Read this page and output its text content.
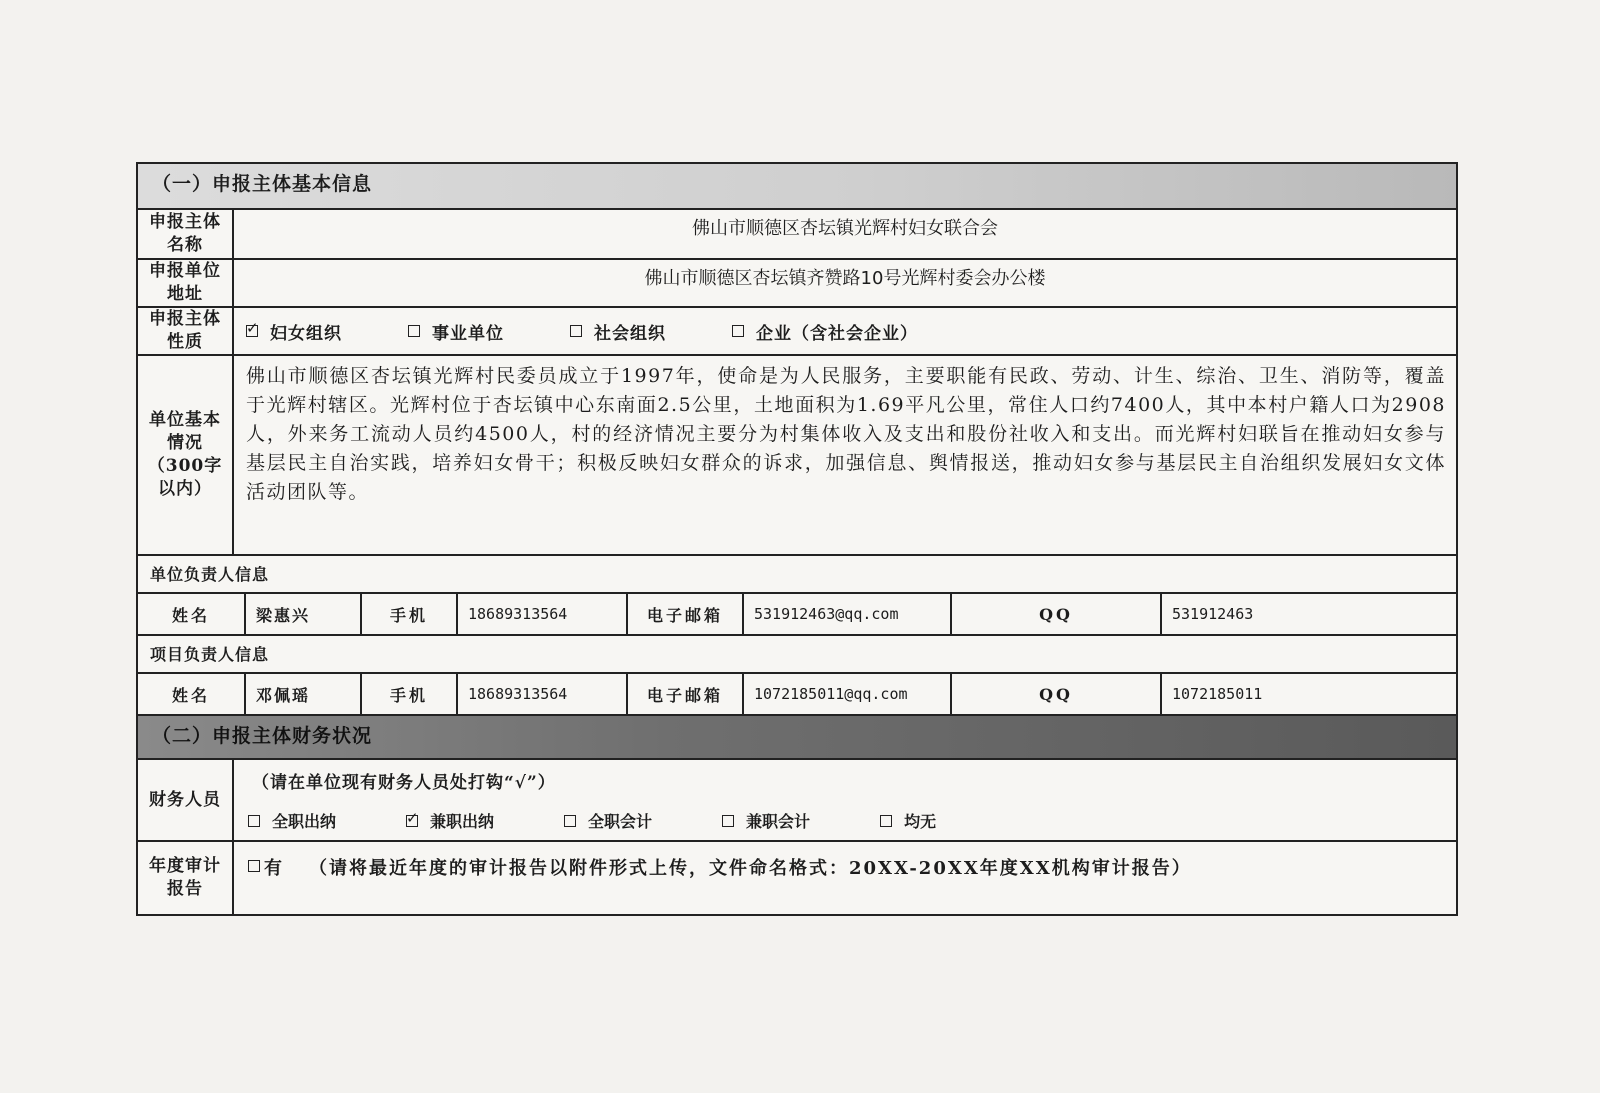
（一）申报主体基本信息
申报主体名称
佛山市顺德区杏坛镇光辉村妇女联合会
申报单位地址
佛山市顺德区杏坛镇齐赞路10号光辉村委会办公楼
申报主体性质 ✓	妇女组织	事业单位	社会组织	企业（含社会企业）
单位基本情况（300字以内）
佛山市顺德区杏坛镇光辉村民委员成立于1997年，使命是为人民服务，主要职能有民政、劳动、计生、综治、卫生、消防等，覆盖于光辉村辖区。光辉村位于杏坛镇中心东南面2.5公里，土地面积为1.69平凡公里，常住人口约7400人，其中本村户籍人口为2908人，外来务工流动人员约4500人，村的经济情况主要分为村集体收入及支出和股份社收入和支出。而光辉村妇联旨在推动妇女参与基层民主自治实践，培养妇女骨干；积极反映妇女群众的诉求，加强信息、舆情报送，推动妇女参与基层民主自治组织发展妇女文体活动团队等。
单位负责人信息
姓名	梁惠兴	手机	18689313564	电子邮箱	531912463@qq.com	QQ	531912463
项目负责人信息
姓名	邓佩瑶	手机	18689313564	电子邮箱	1072185011@qq.com	QQ	1072185011
（二）申报主体财务状况
财务人员
（请在单位现有财务人员处打钩“√”）
全职出纳 ✓	兼职出纳	全职会计	兼职会计	均无
年度审计报告
有 （请将最近年度的审计报告以附件形式上传，文件命名格式：20XX-20XX年度XX机构审计报告）
